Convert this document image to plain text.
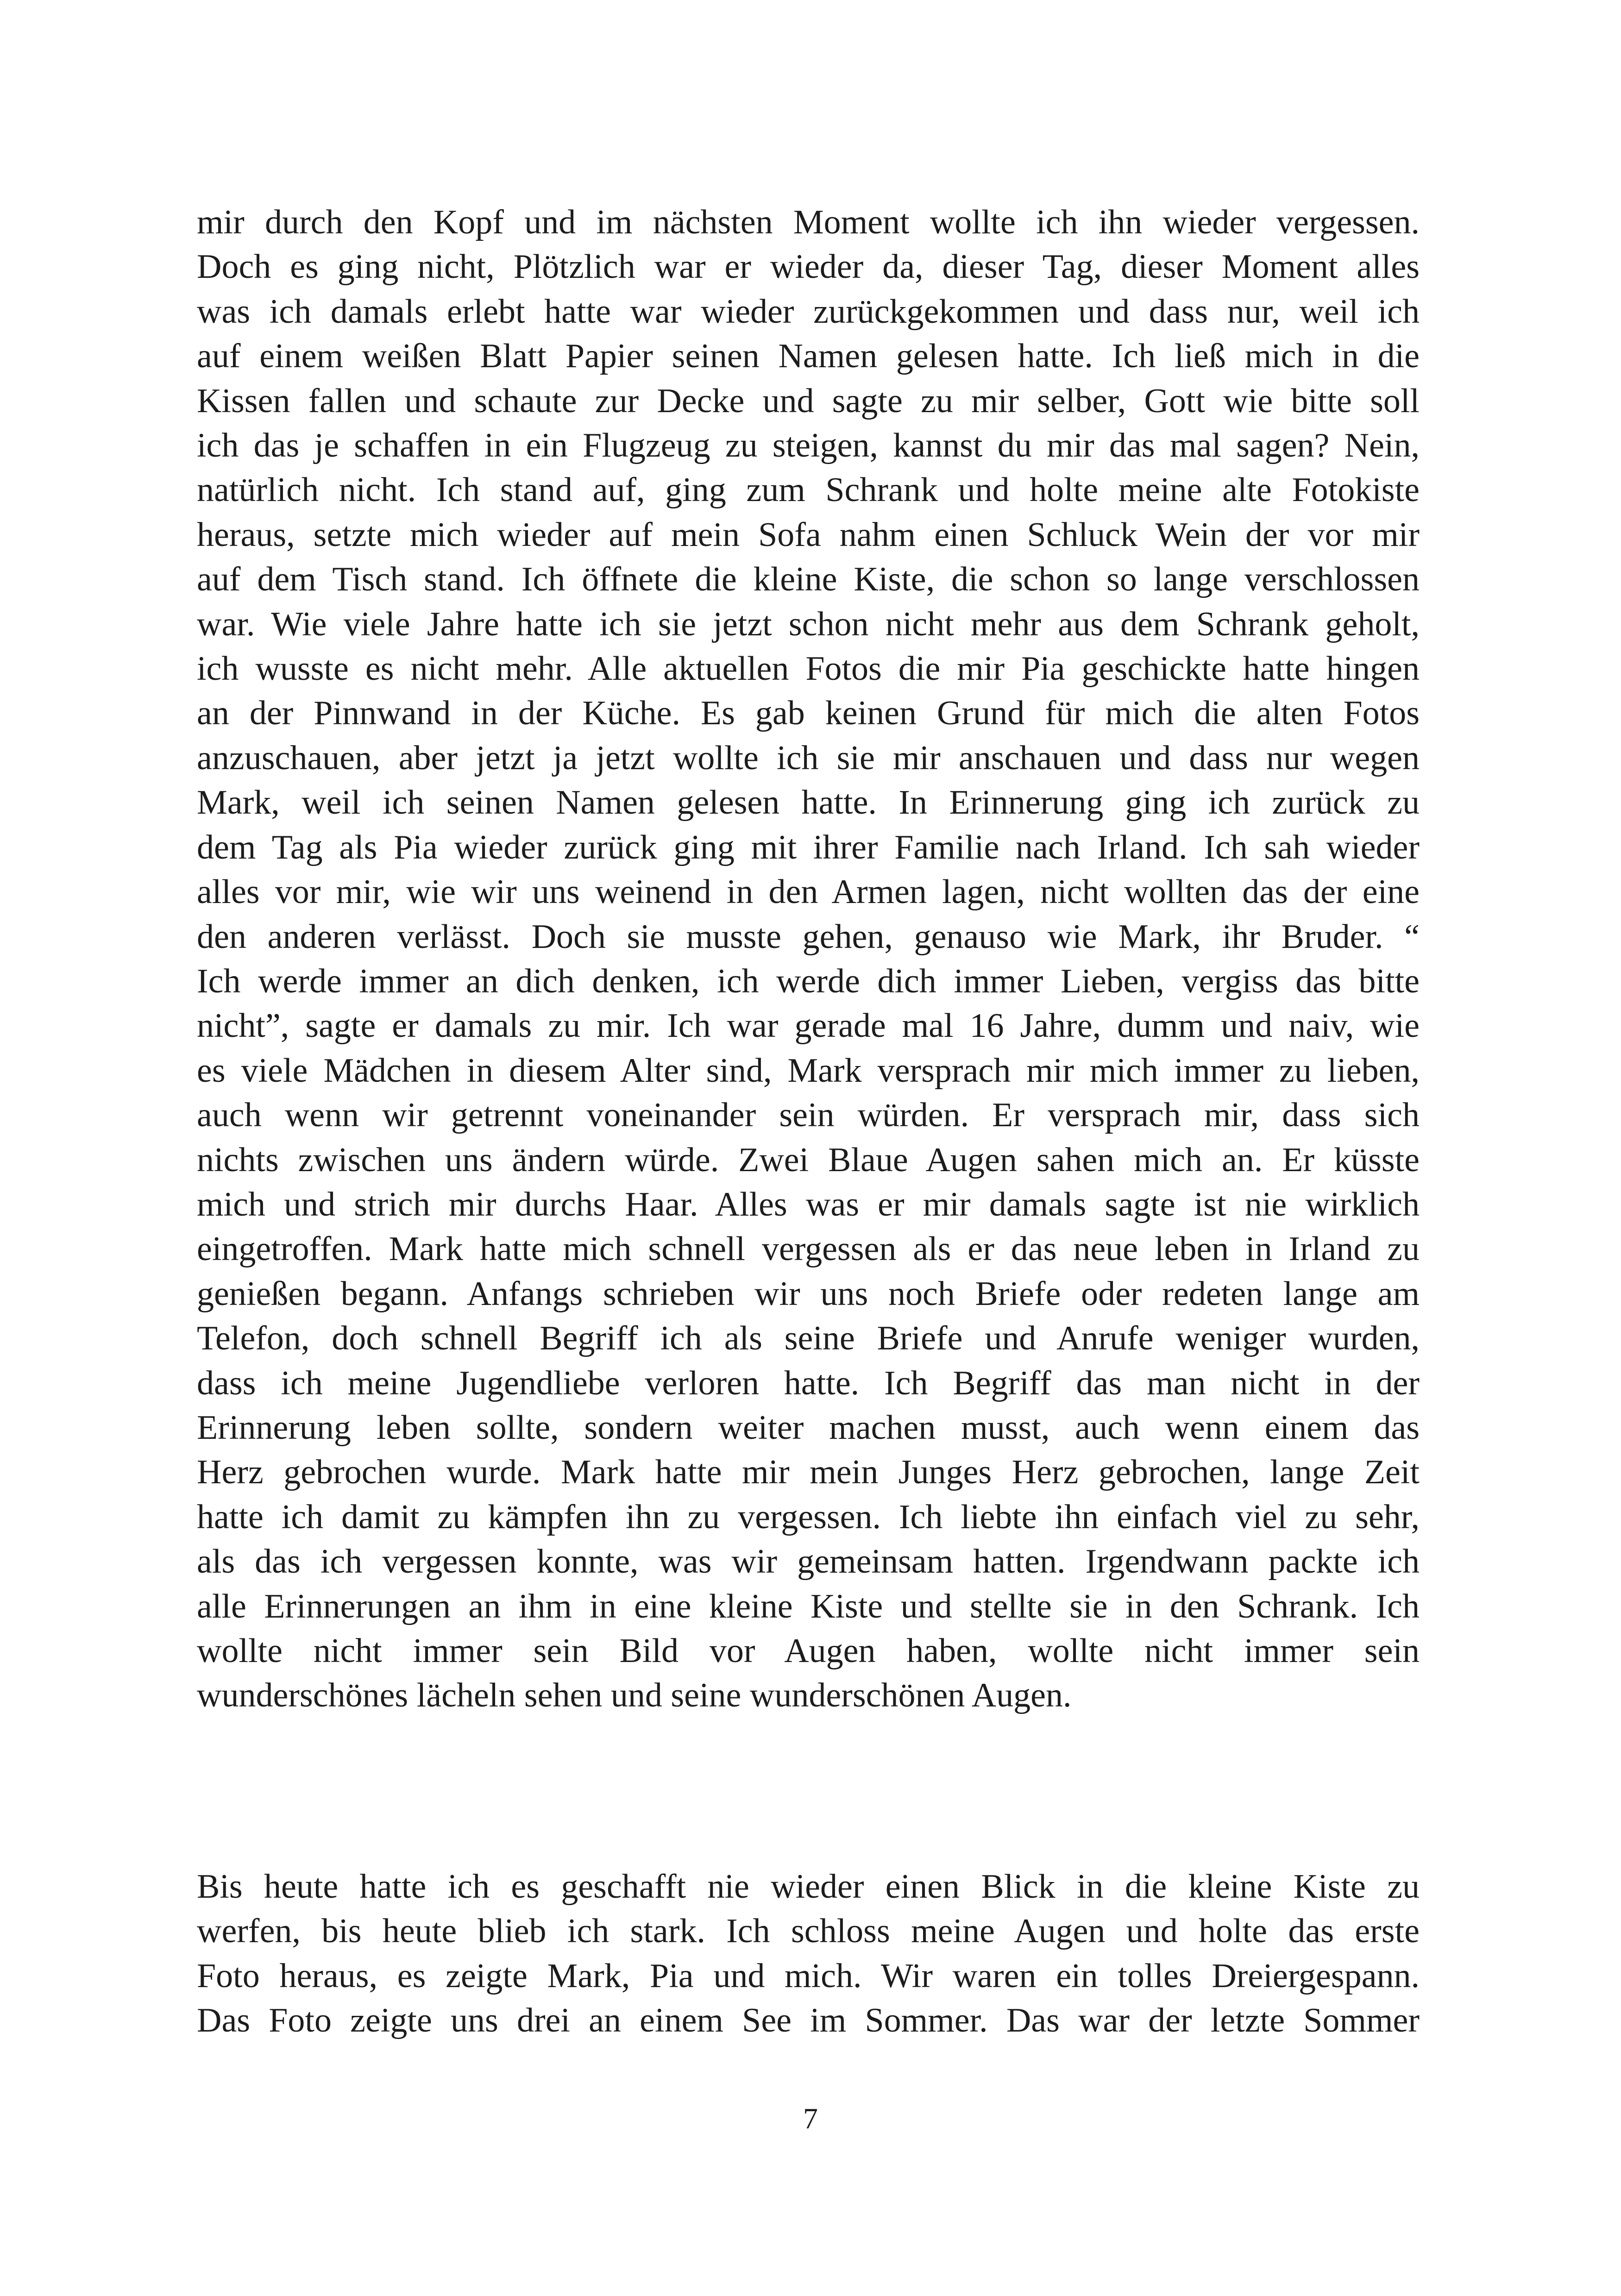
mir durch den Kopf und im nächsten Moment wollte ich ihn wieder vergessen.
Doch es ging nicht, Plötzlich war er wieder da, dieser Tag, dieser Moment alles
was ich damals erlebt hatte war wieder zurückgekommen und dass nur, weil ich
auf einem weißen Blatt Papier seinen Namen gelesen hatte. Ich ließ mich in die
Kissen fallen und schaute zur Decke und sagte zu mir selber, Gott wie bitte soll
ich das je schaffen in ein Flugzeug zu steigen, kannst du mir das mal sagen? Nein,
natürlich nicht. Ich stand auf, ging zum Schrank und holte meine alte Fotokiste
heraus, setzte mich wieder auf mein Sofa nahm einen Schluck Wein der vor mir
auf dem Tisch stand. Ich öffnete die kleine Kiste, die schon so lange verschlossen
war. Wie viele Jahre hatte ich sie jetzt schon nicht mehr aus dem Schrank geholt,
ich wusste es nicht mehr. Alle aktuellen Fotos die mir Pia geschickte hatte hingen
an der Pinnwand in der Küche. Es gab keinen Grund für mich die alten Fotos
anzuschauen, aber jetzt ja jetzt wollte ich sie mir anschauen und dass nur wegen
Mark, weil ich seinen Namen gelesen hatte. In Erinnerung ging ich zurück zu
dem Tag als Pia wieder zurück ging mit ihrer Familie nach Irland. Ich sah wieder
alles vor mir, wie wir uns weinend in den Armen lagen, nicht wollten das der eine
den anderen verlässt. Doch sie musste gehen, genauso wie Mark, ihr Bruder. “
Ich werde immer an dich denken, ich werde dich immer Lieben, vergiss das bitte
nicht”, sagte er damals zu mir. Ich war gerade mal 16 Jahre, dumm und naiv, wie
es viele Mädchen in diesem Alter sind, Mark versprach mir mich immer zu lieben,
auch wenn wir getrennt voneinander sein würden. Er versprach mir, dass sich
nichts zwischen uns ändern würde. Zwei Blaue Augen sahen mich an. Er küsste
mich und strich mir durchs Haar. Alles was er mir damals sagte ist nie wirklich
eingetroffen. Mark hatte mich schnell vergessen als er das neue leben in Irland zu
genießen begann. Anfangs schrieben wir uns noch Briefe oder redeten lange am
Telefon, doch schnell Begriff ich als seine Briefe und Anrufe weniger wurden,
dass ich meine Jugendliebe verloren hatte. Ich Begriff das man nicht in der
Erinnerung leben sollte, sondern weiter machen musst, auch wenn einem das
Herz gebrochen wurde. Mark hatte mir mein Junges Herz gebrochen, lange Zeit
hatte ich damit zu kämpfen ihn zu vergessen. Ich liebte ihn einfach viel zu sehr,
als das ich vergessen konnte, was wir gemeinsam hatten. Irgendwann packte ich
alle Erinnerungen an ihm in eine kleine Kiste und stellte sie in den Schrank. Ich
wollte nicht immer sein Bild vor Augen haben, wollte nicht immer sein
wunderschönes lächeln sehen und seine wunderschönen Augen.
Bis heute hatte ich es geschafft nie wieder einen Blick in die kleine Kiste zu
werfen, bis heute blieb ich stark. Ich schloss meine Augen und holte das erste
Foto heraus, es zeigte Mark, Pia und mich. Wir waren ein tolles Dreiergespann.
Das Foto zeigte uns drei an einem See im Sommer. Das war der letzte Sommer
7
